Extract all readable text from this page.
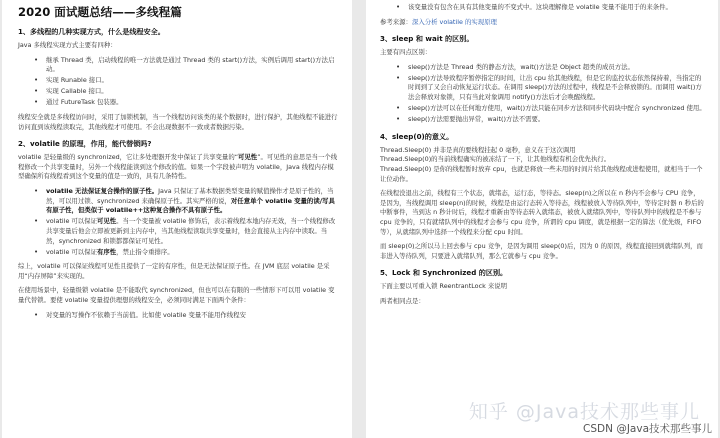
2020 面试题总结——多线程篇
1、多线程的几种实现方式，什么是线程安全。

Java 多线程实现方式主要有四种：

• 继承 Thread 类，启动线程的唯一方法就是通过 Thread 类的 start()方法，实例后调用 start()方法启动。
• 实现 Runable 接口。
• 实现 Callable 接口。
• 通过 FutureTask 包装器。

线程安全就是多线程访问时，采用了加锁机制，当一个线程访问该类的某个数据时，进行保护，其他线程不能进行访问直到该线程读取完，其他线程才可使用。不会出现数据不一致或者数据污染。

2、volatile 的原理，作用，能代替锁吗?

volatile 是轻量级的 synchronized，它让多处理器开发中保证了共享变量的“可见性”。可见性的意思是当一个线程修改一个共享变量时，另外一个线程能读到这个修改的值。如果一个字段被声明为 volatile，Java 线程内存模型确保所有线程看到这个变量的值是一致的，具有几条特性。

• volatile 无法保证复合操作的原子性。Java 只保证了基本数据类型变量的赋值操作才是原子性的，当然，可以用过锁、synchronized 来确保原子性。其实严格的说，对任意单个 volatile 变量的读/写具有原子性，但类似于 volatile++这种复合操作不具有原子性。
• volatile 可以保证可见性。当一个变量被 volatile 修饰后，表示着线程本地内存无效，当一个线程修改共享变量后他会立即被更新到主内存中，当其他线程读取共享变量时，他会直接从主内存中读取。当然，synchronized 和锁都都保证可见性。
• volatile 可以保证有序性，禁止指令重排序。

综上，volatile 可以保证线程可见性且提供了一定的有序性，但是无法保证原子性。在 JVM 底层 volatile 是采用“内存屏障”来实现的。

在使用场景中，轻量级锁 volatile 是不能取代 synchronized，但也可以在有限的一些情形下可以用 volatile 变量代替锁。要使 volatile 变量提供理想的线程安全，必须同时满足下面两个条件：

• 对变量的写操作不依赖于当前值。比如使 volatile 变量不能用作线程安
• 该变量没有包含在具有其他变量的不变式中。这块理解像是 volatile 变量不能用于的来条件。

参考来源：深入分析 volatile 的实现原理

3、sleep 和 wait 的区别。

主要有四点区别：

• sleep()方法是 Thread 类的静态方法，wait()方法是 Object 超类的成员方法。
• sleep()方法导致程序暂停指定的时间，让出 cpu 给其他线程，但是它的监控状态依然保持着，当指定的时间到了又会自动恢复运行状态。在调用 sleep()方法的过程中，线程是不会释放锁的。而调用 wait()方法会释放对象锁，只有当此对象调用 notify()方法后才会唤醒线程。
• sleep()方法可以在任何地方使用，wait()方法只能在同步方法和同步代码块中配合 synchronized 使用。
• sleep()方法需要抛出异常，wait()方法不需要。
4、sleep(0)的意义。

Thread.Sleep(0) 并非是真的要线程挂起 0 毫秒，意义在于这次调用

Thread.Sleep(0)的当前线程确实的被冻结了一下，让其他线程有机会优先执行。

Thread.Sleep(0) 是你的线程暂时放弃 cpu，也就是释放一些未用的时间片给其他线程或进程使用，就相当于一个让位动作。

在线程没退出之前，线程有三个状态，就绪态，运行态，等待态。sleep(n)之所以在 n 秒内不会参与 CPU 竞争，是因为，当线程调用 sleep(n)的时候，线程是由运行态转入等待态，线程被放入等待队列中，等待定时器 n 秒后的中断事件，当到达 n 秒计时后，线程才重新由等待态转入就绪态，被放入就绪队列中，等待队列中的线程是不参与 cpu 竞争的，只有就绪队列中的线程才会参与 cpu 竞争，所谓的 cpu 调度，就是根据一定的算法（优先级，FIFO 等），从就绪队列中选择一个线程来分配 cpu 时间。

而 sleep(0)之所以马上回去参与 cpu 竞争，是因为调用 sleep(0)后，因为 0 的原因，线程直接回到就绪队列，而非进入等待队列，只要进入就绪队列，那么它就参与 cpu 竞争。

5、Lock 和 Synchronized 的区别。

下面主要以可重入锁 ReentrantLock 来说明

两者相同点是：

知乎 @Java技术那些事儿
CSDN @Java技术那些事儿
